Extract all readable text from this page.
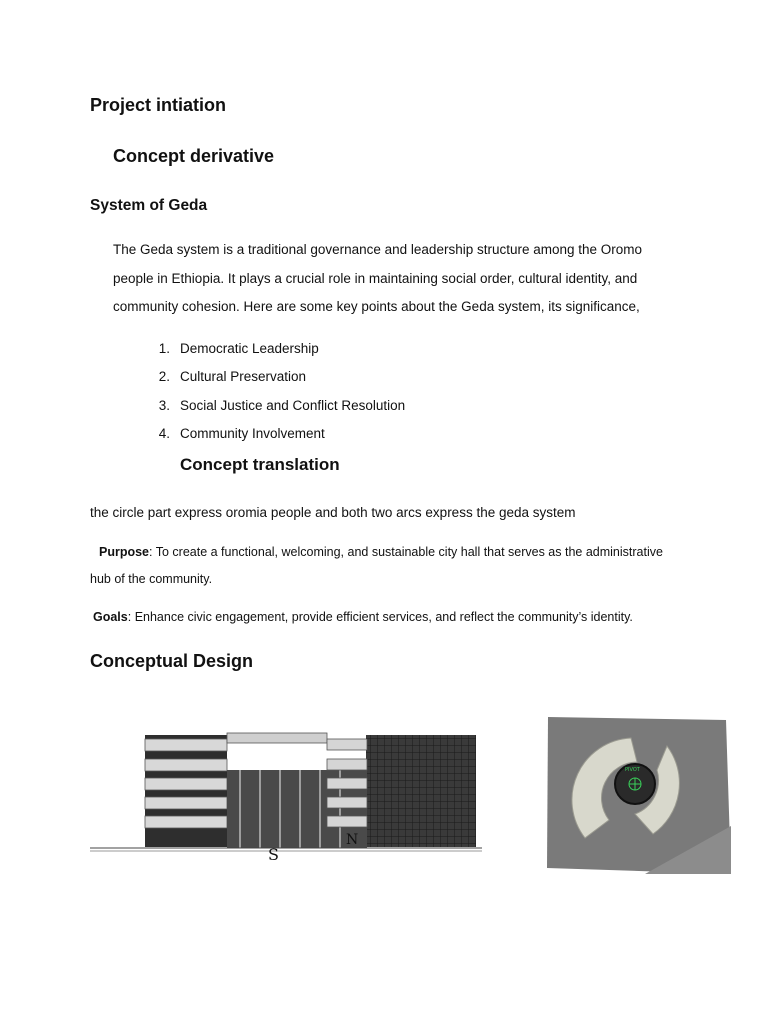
Project intiation
Concept derivative
System of Geda
The Geda system is a traditional governance and leadership structure among the Oromo
people in Ethiopia. It plays a crucial role in maintaining social order, cultural identity, and
community cohesion. Here are some key points about the Geda system, its significance,
1. Democratic Leadership
2. Cultural Preservation
3. Social Justice and Conflict Resolution
4. Community Involvement
Concept translation
the circle part express oromia people and both two arcs express the geda system
Purpose: To create a functional, welcoming, and sustainable city hall that serves as the administrative
hub of the community.
Goals: Enhance civic engagement, provide efficient services, and reflect the community’s identity.
Conceptual Design
S
N
PIVOT
